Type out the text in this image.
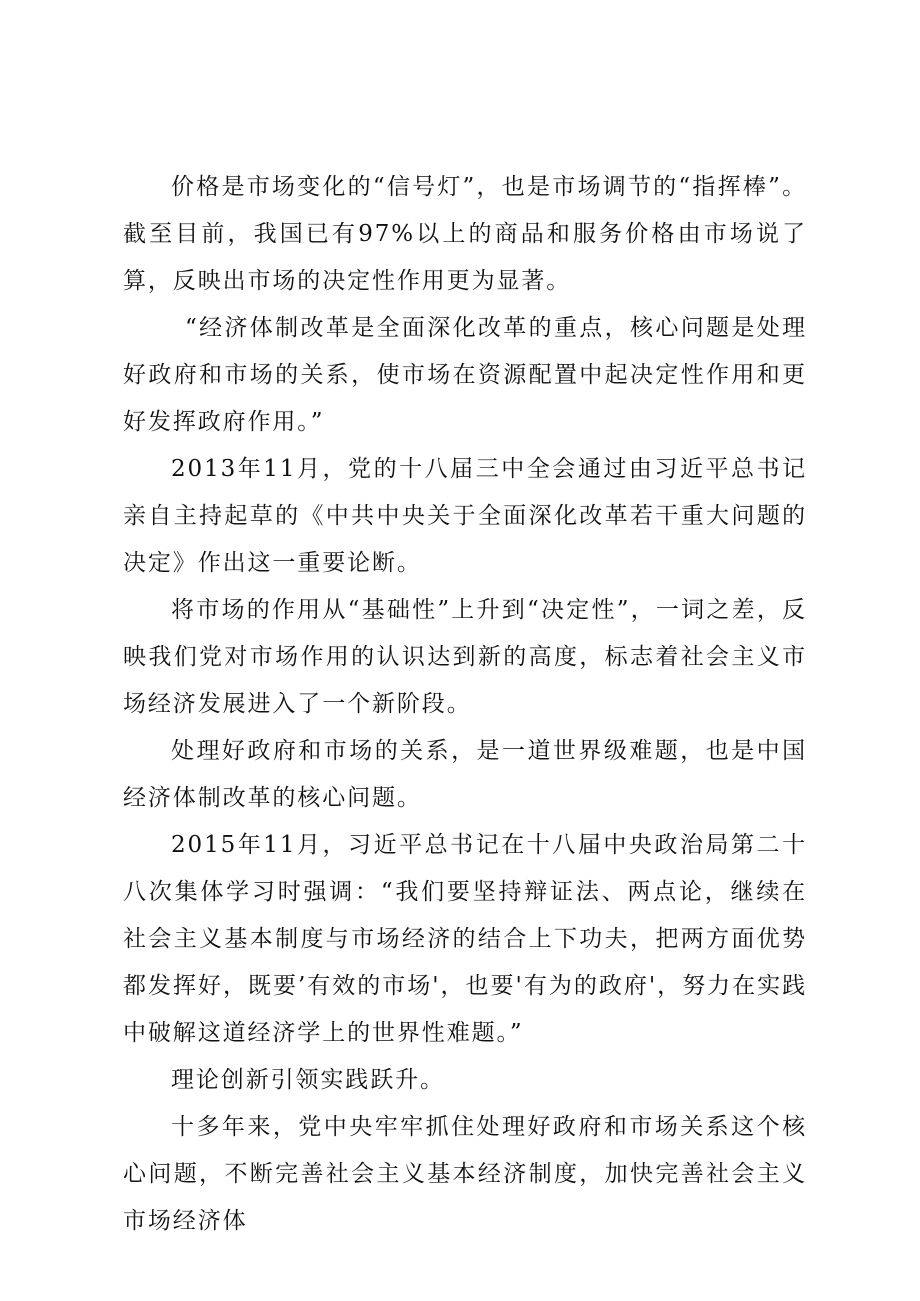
价格是市场变化的“信号灯”，也是市场调节的“指挥棒”。截至目前，我国已有97%以上的商品和服务价格由市场说了算，反映出市场的决定性作用更为显著。

“经济体制改革是全面深化改革的重点，核心问题是处理好政府和市场的关系，使市场在资源配置中起决定性作用和更好发挥政府作用。”

2013年11月，党的十八届三中全会通过由习近平总书记亲自主持起草的《中共中央关于全面深化改革若干重大问题的决定》作出这一重要论断。

将市场的作用从“基础性”上升到“决定性”，一词之差，反映我们党对市场作用的认识达到新的高度，标志着社会主义市场经济发展进入了一个新阶段。

处理好政府和市场的关系，是一道世界级难题，也是中国经济体制改革的核心问题。

2015年11月，习近平总书记在十八届中央政治局第二十八次集体学习时强调：“我们要坚持辩证法、两点论，继续在社会主义基本制度与市场经济的结合上下功夫，把两方面优势都发挥好，既要’有效的市场'，也要'有为的政府'，努力在实践中破解这道经济学上的世界性难题。”

理论创新引领实践跃升。

十多年来，党中央牢牢抓住处理好政府和市场关系这个核心问题，不断完善社会主义基本经济制度，加快完善社会主义市场经济体
